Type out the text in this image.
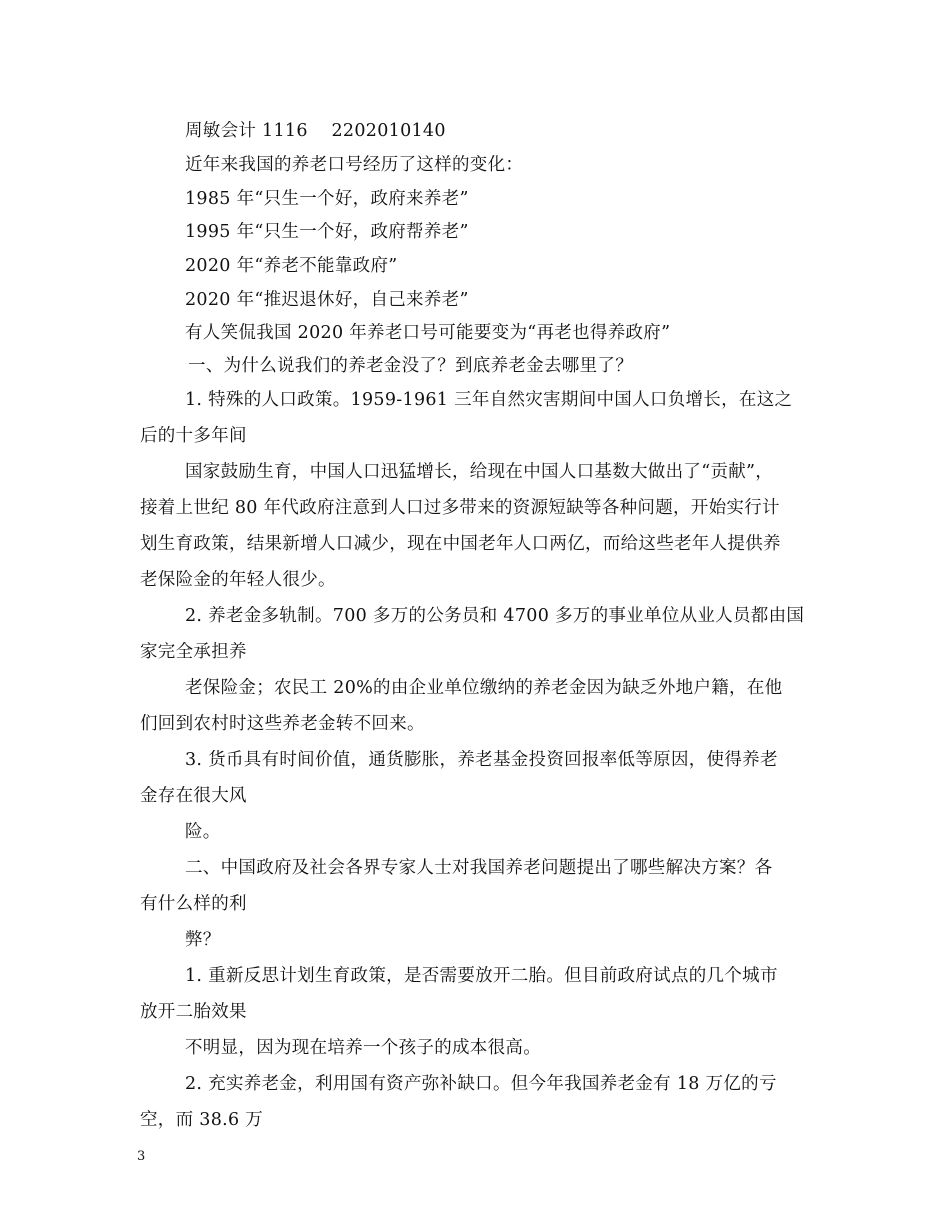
周敏会计 1116　 2202010140
近年来我国的养老口号经历了这样的变化：
1985 年“只生一个好，政府来养老”
1995 年“只生一个好，政府帮养老”
2020 年“养老不能靠政府”
2020 年“推迟退休好，自己来养老”
有人笑侃我国 2020 年养老口号可能要变为“再老也得养政府”
一、为什么说我们的养老金没了？到底养老金去哪里了？
1. 特殊的人口政策。1959-1961 三年自然灾害期间中国人口负增长，在这之
后的十多年间
国家鼓励生育，中国人口迅猛增长，给现在中国人口基数大做出了“贡献”，
接着上世纪 80 年代政府注意到人口过多带来的资源短缺等各种问题，开始实行计
划生育政策，结果新增人口减少，现在中国老年人口两亿，而给这些老年人提供养
老保险金的年轻人很少。
2. 养老金多轨制。700 多万的公务员和 4700 多万的事业单位从业人员都由国
家完全承担养
老保险金；农民工 20%的由企业单位缴纳的养老金因为缺乏外地户籍，在他
们回到农村时这些养老金转不回来。
3. 货币具有时间价值，通货膨胀，养老基金投资回报率低等原因，使得养老
金存在很大风
险。
二、中国政府及社会各界专家人士对我国养老问题提出了哪些解决方案？各
有什么样的利
弊？
1. 重新反思计划生育政策，是否需要放开二胎。但目前政府试点的几个城市
放开二胎效果
不明显，因为现在培养一个孩子的成本很高。
2. 充实养老金，利用国有资产弥补缺口。但今年我国养老金有 18 万亿的亏
空，而 38.6 万
3
